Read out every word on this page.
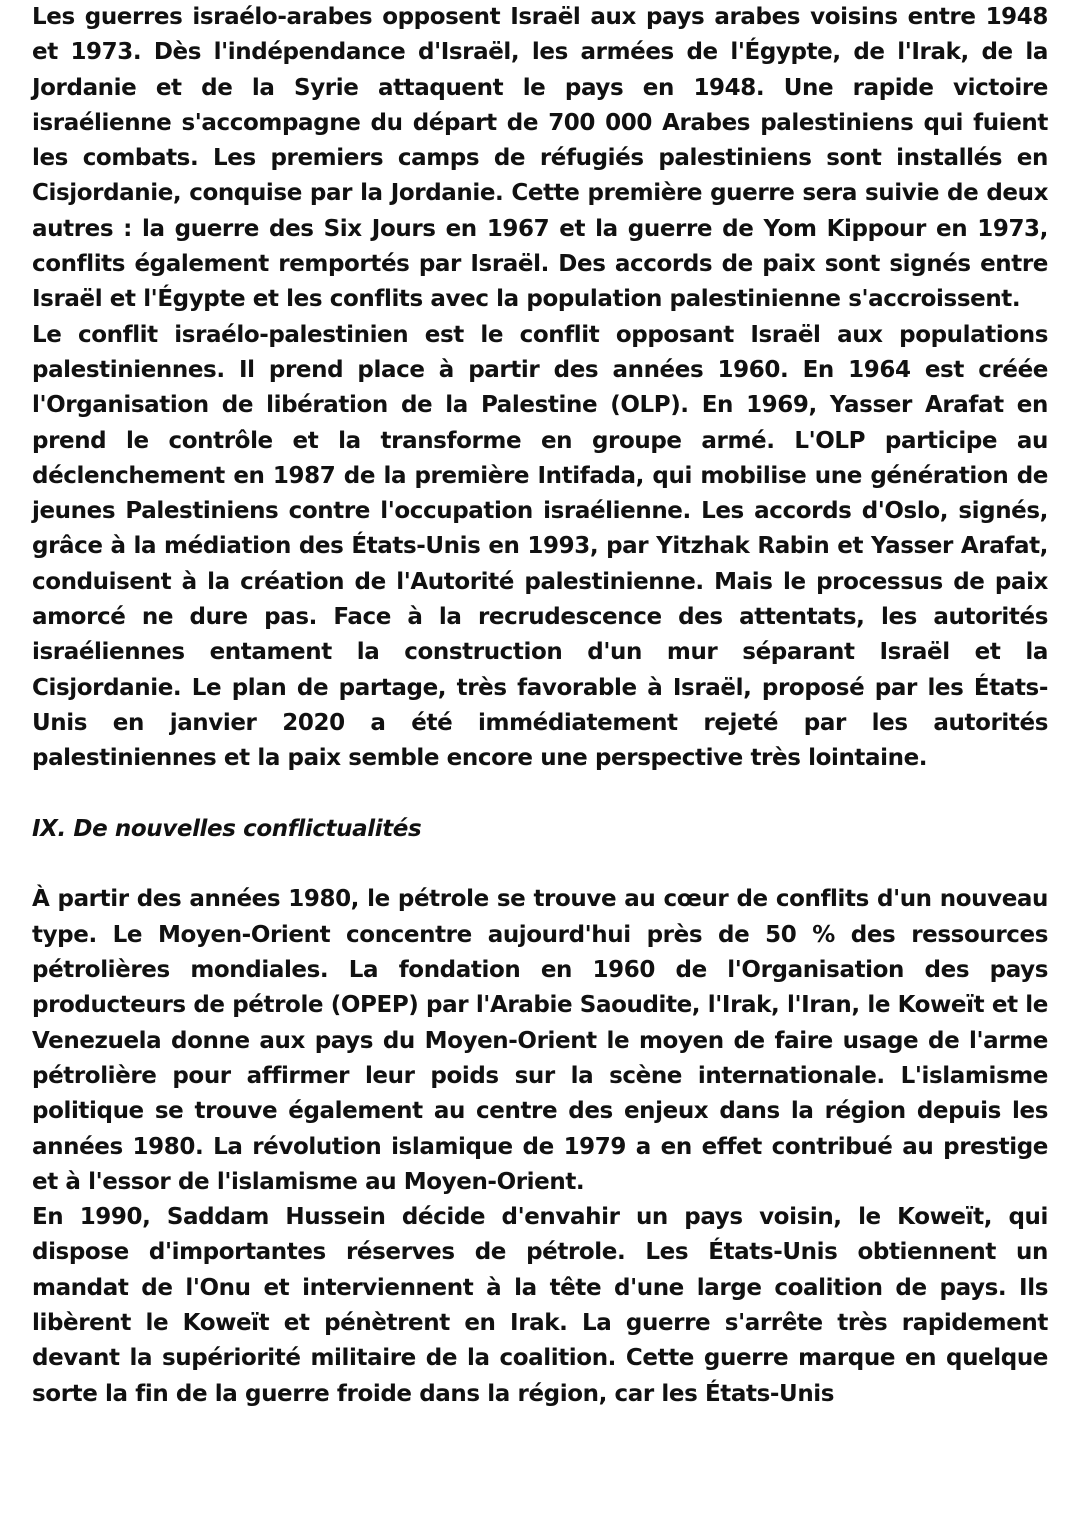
Les guerres israélo-arabes opposent Israël aux pays arabes voisins entre 1948 et 1973. Dès l'indépendance d'Israël, les armées de l'Égypte, de l'Irak, de la Jordanie et de la Syrie attaquent le pays en 1948. Une rapide victoire israélienne s'accompagne du départ de 700 000 Arabes palestiniens qui fuient les combats. Les premiers camps de réfugiés palestiniens sont installés en Cisjordanie, conquise par la Jordanie. Cette première guerre sera suivie de deux autres : la guerre des Six Jours en 1967 et la guerre de Yom Kippour en 1973, conflits également remportés par Israël. Des accords de paix sont signés entre Israël et l'Égypte et les conflits avec la population palestinienne s'accroissent.

Le conflit israélo-palestinien est le conflit opposant Israël aux populations palestiniennes. Il prend place à partir des années 1960. En 1964 est créée l'Organisation de libération de la Palestine (OLP). En 1969, Yasser Arafat en prend le contrôle et la transforme en groupe armé. L'OLP participe au déclenchement en 1987 de la première Intifada, qui mobilise une génération de jeunes Palestiniens contre l'occupation israélienne. Les accords d'Oslo, signés, grâce à la médiation des États-Unis en 1993, par Yitzhak Rabin et Yasser Arafat, conduisent à la création de l'Autorité palestinienne. Mais le processus de paix amorcé ne dure pas. Face à la recrudescence des attentats, les autorités israéliennes entament la construction d'un mur séparant Israël et la Cisjordanie. Le plan de partage, très favorable à Israël, proposé par les États-Unis en janvier 2020 a été immédiatement rejeté par les autorités palestiniennes et la paix semble encore une perspective très lointaine.

IX. De nouvelles conflictualités

À partir des années 1980, le pétrole se trouve au cœur de conflits d'un nouveau type. Le Moyen-Orient concentre aujourd'hui près de 50 % des ressources pétrolières mondiales. La fondation en 1960 de l'Organisation des pays producteurs de pétrole (OPEP) par l'Arabie Saoudite, l'Irak, l'Iran, le Koweït et le Venezuela donne aux pays du Moyen-Orient le moyen de faire usage de l'arme pétrolière pour affirmer leur poids sur la scène internationale. L'islamisme politique se trouve également au centre des enjeux dans la région depuis les années 1980. La révolution islamique de 1979 a en effet contribué au prestige et à l'essor de l'islamisme au Moyen-Orient.

En 1990, Saddam Hussein décide d'envahir un pays voisin, le Koweït, qui dispose d'importantes réserves de pétrole. Les États-Unis obtiennent un mandat de l'Onu et interviennent à la tête d'une large coalition de pays. Ils libèrent le Koweït et pénètrent en Irak. La guerre s'arrête très rapidement devant la supériorité militaire de la coalition. Cette guerre marque en quelque sorte la fin de la guerre froide dans la région, car les États-Unis
